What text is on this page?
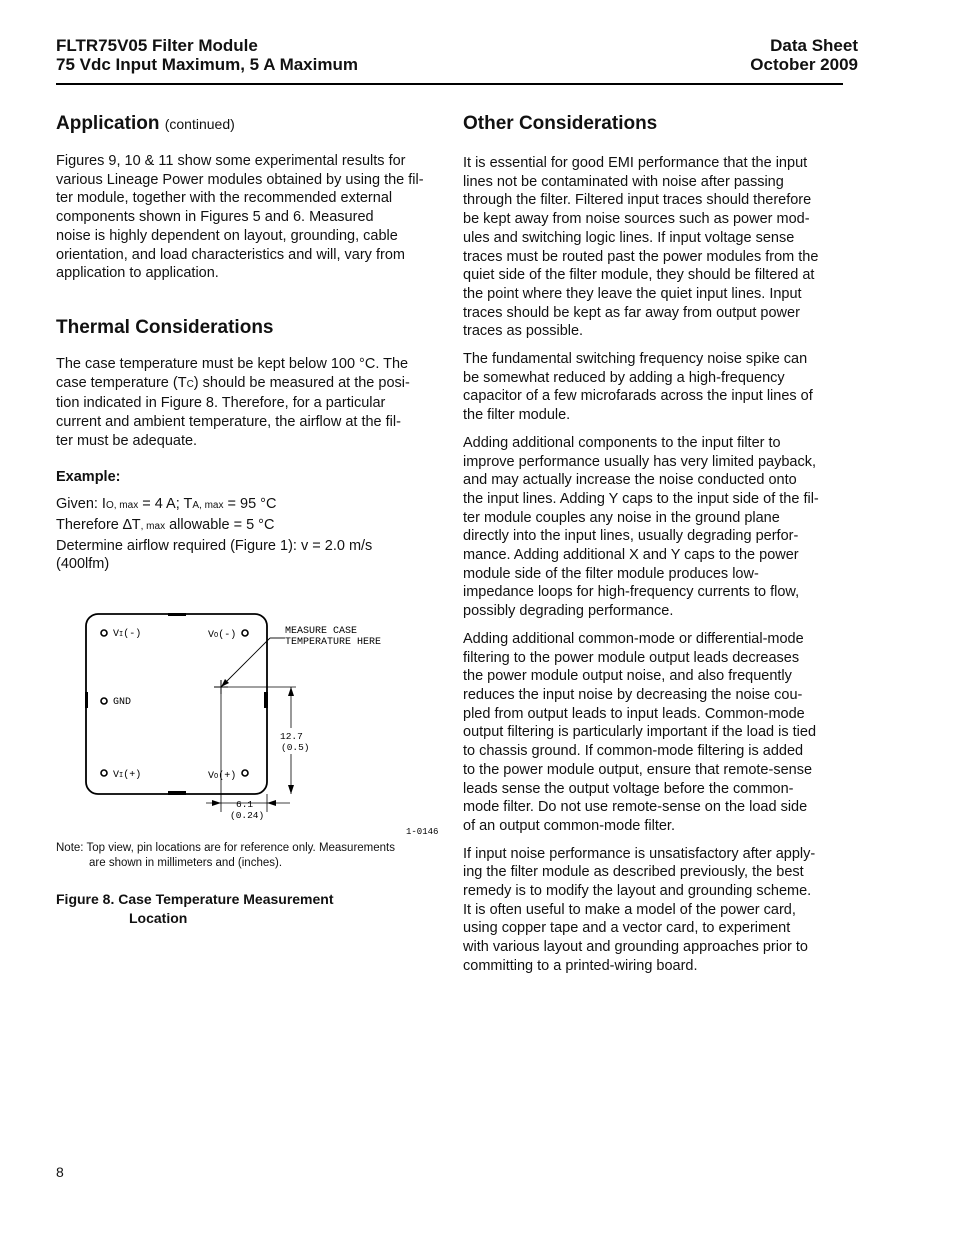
FLTR75V05 Filter Module
75 Vdc Input Maximum, 5 A Maximum
Data Sheet
October 2009
Application (continued)

Figures 9, 10 & 11 show some experimental results for
various Lineage Power modules obtained by using the fil-
ter module, together with the recommended external
components shown in Figures 5 and 6. Measured
noise is highly dependent on layout, grounding, cable
orientation, and load characteristics and will, vary from
application to application.

Thermal Considerations

The case temperature must be kept below 100 °C. The
case temperature (TC) should be measured at the posi-
tion indicated in Figure 8. Therefore, for a particular
current and ambient temperature, the airflow at the fil-
ter must be adequate.

Example:

Given: IO, max = 4 A; TA, max = 95 °C

Therefore ∆T, max allowable = 5 °C

Determine airflow required (Figure 1): v = 2.0 m/s
(400lfm)

VI(-)	VO(-)
GND
VI(+)	VO(+)
MEASURE CASE
TEMPERATURE HERE
12.7
(0.5)
6.1
(0.24)
1-0146
Note: Top view, pin locations are for reference only. Measurements
are shown in millimeters and (inches).
Figure 8. Case Temperature Measurement
Location
Other Considerations

It is essential for good EMI performance that the input
lines not be contaminated with noise after passing
through the filter. Filtered input traces should therefore
be kept away from noise sources such as power mod-
ules and switching logic lines. If input voltage sense
traces must be routed past the power modules from the
quiet side of the filter module, they should be filtered at
the point where they leave the quiet input lines. Input
traces should be kept as far away from output power
traces as possible.

The fundamental switching frequency noise spike can
be somewhat reduced by adding a high-frequency
capacitor of a few microfarads across the input lines of
the filter module.

Adding additional components to the input filter to
improve performance usually has very limited payback,
and may actually increase the noise conducted onto
the input lines. Adding Y caps to the input side of the fil-
ter module couples any noise in the ground plane
directly into the input lines, usually degrading perfor-
mance. Adding additional X and Y caps to the power
module side of the filter module produces low-
impedance loops for high-frequency currents to flow,
possibly degrading performance.

Adding additional common-mode or differential-mode
filtering to the power module output leads decreases
the power module output noise, and also frequently
reduces the input noise by decreasing the noise cou-
pled from output leads to input leads. Common-mode
output filtering is particularly important if the load is tied
to chassis ground. If common-mode filtering is added
to the power module output, ensure that remote-sense
leads sense the output voltage before the common-
mode filter. Do not use remote-sense on the load side
of an output common-mode filter.

If input noise performance is unsatisfactory after apply-
ing the filter module as described previously, the best
remedy is to modify the layout and grounding scheme.
It is often useful to make a model of the power card,
using copper tape and a vector card, to experiment
with various layout and grounding approaches prior to
committing to a printed-wiring board.

8
